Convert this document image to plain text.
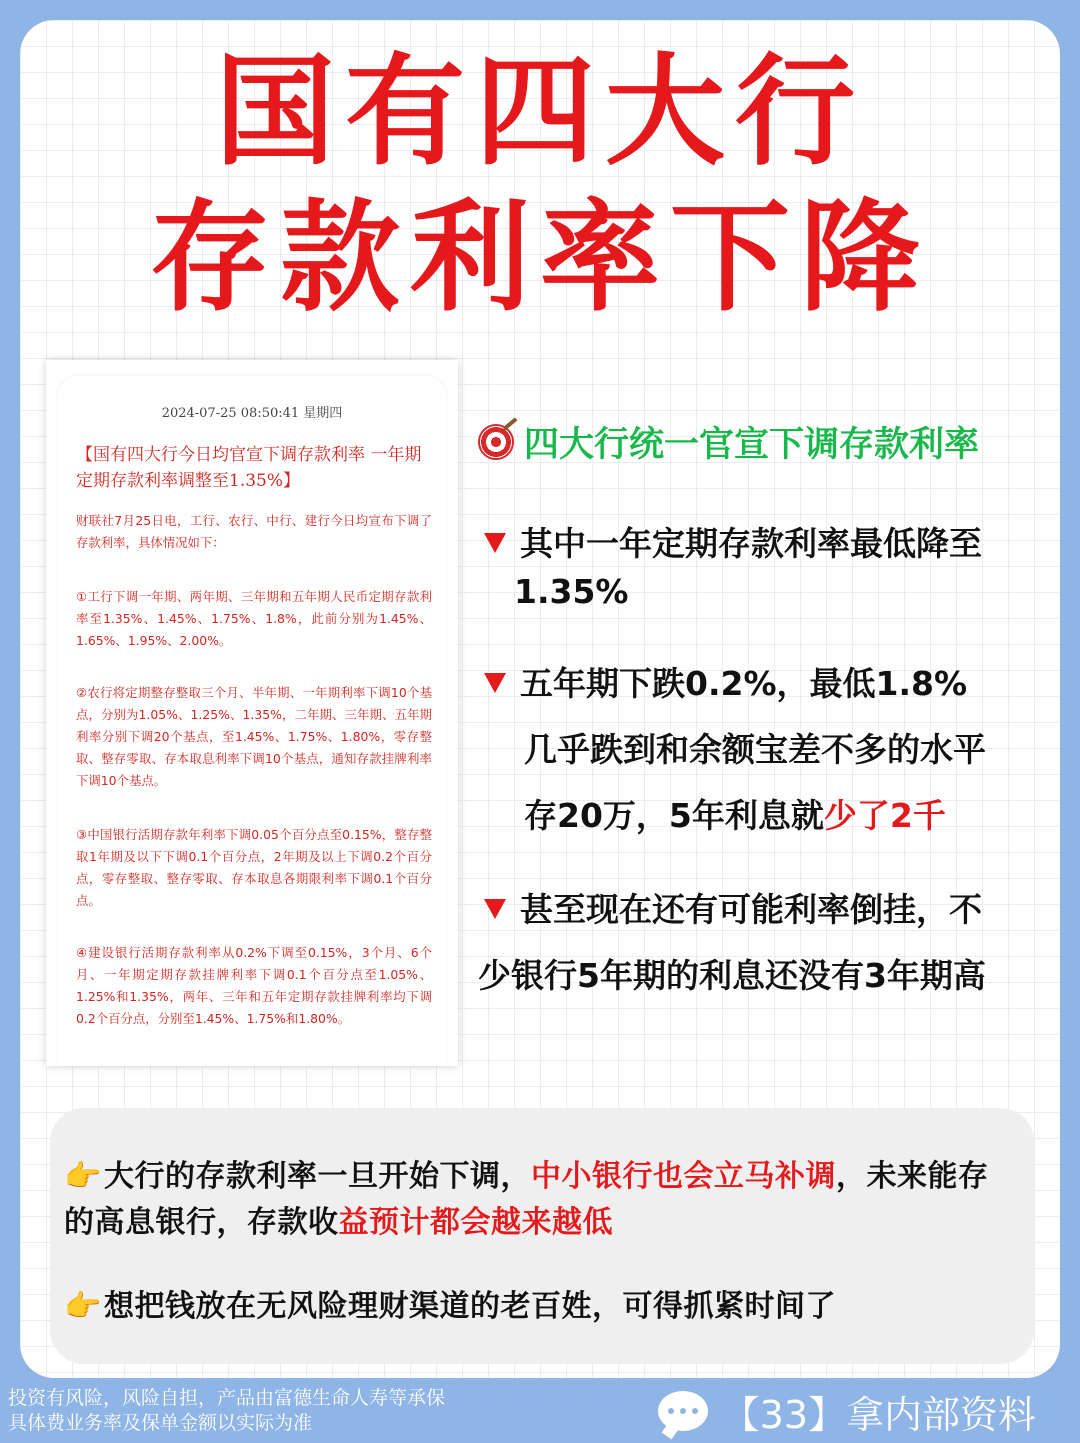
国有四大行
存款利率下降
2024-07-25 08:50:41 星期四
【国有四大行今日均官宣下调存款利率 一年期定期存款利率调整至1.35%】

财联社7月25日电，工行、农行、中行、建行今日均宣布下调了存款利率，具体情况如下：

①工行下调一年期、两年期、三年期和五年期人民币定期存款利率至1.35%、1.45%、1.75%、1.8%，此前分别为1.45%、1.65%、1.95%、2.00%。

②农行将定期整存整取三个月、半年期、一年期利率下调10个基点，分别为1.05%、1.25%、1.35%，二年期、三年期、五年期利率分别下调20个基点，至1.45%、1.75%、1.80%，零存整取、整存零取、存本取息利率下调10个基点，通知存款挂牌利率下调10个基点。

③中国银行活期存款年利率下调0.05个百分点至0.15%，整存整取1年期及以下下调0.1个百分点，2年期及以上下调0.2个百分点，零存整取、整存零取、存本取息各期限利率下调0.1个百分点。

④建设银行活期存款利率从0.2%下调至0.15%，3个月、6个月、一年期定期存款挂牌利率下调0.1个百分点至1.05%、1.25%和1.35%，两年、三年和五年定期存款挂牌利率均下调0.2个百分点，分别至1.45%、1.75%和1.80%。

四大行统一官宣下调存款利率

其中一年定期存款利率最低降至

1.35%

五年期下跌0.2%，最低1.8%

几乎跌到和余额宝差不多的水平

存20万，5年利息就少了2千

甚至现在还有可能利率倒挂，不

少银行5年期的利息还没有3年期高

👉大行的存款利率一旦开始下调，中小银行也会立马补调，未来能存

的高息银行，存款收益预计都会越来越低

👉想把钱放在无风险理财渠道的老百姓，可得抓紧时间了

投资有风险，风险自担，产品由富德生命人寿等承保
具体费业务率及保单金额以实际为准	【33】拿内部资料
